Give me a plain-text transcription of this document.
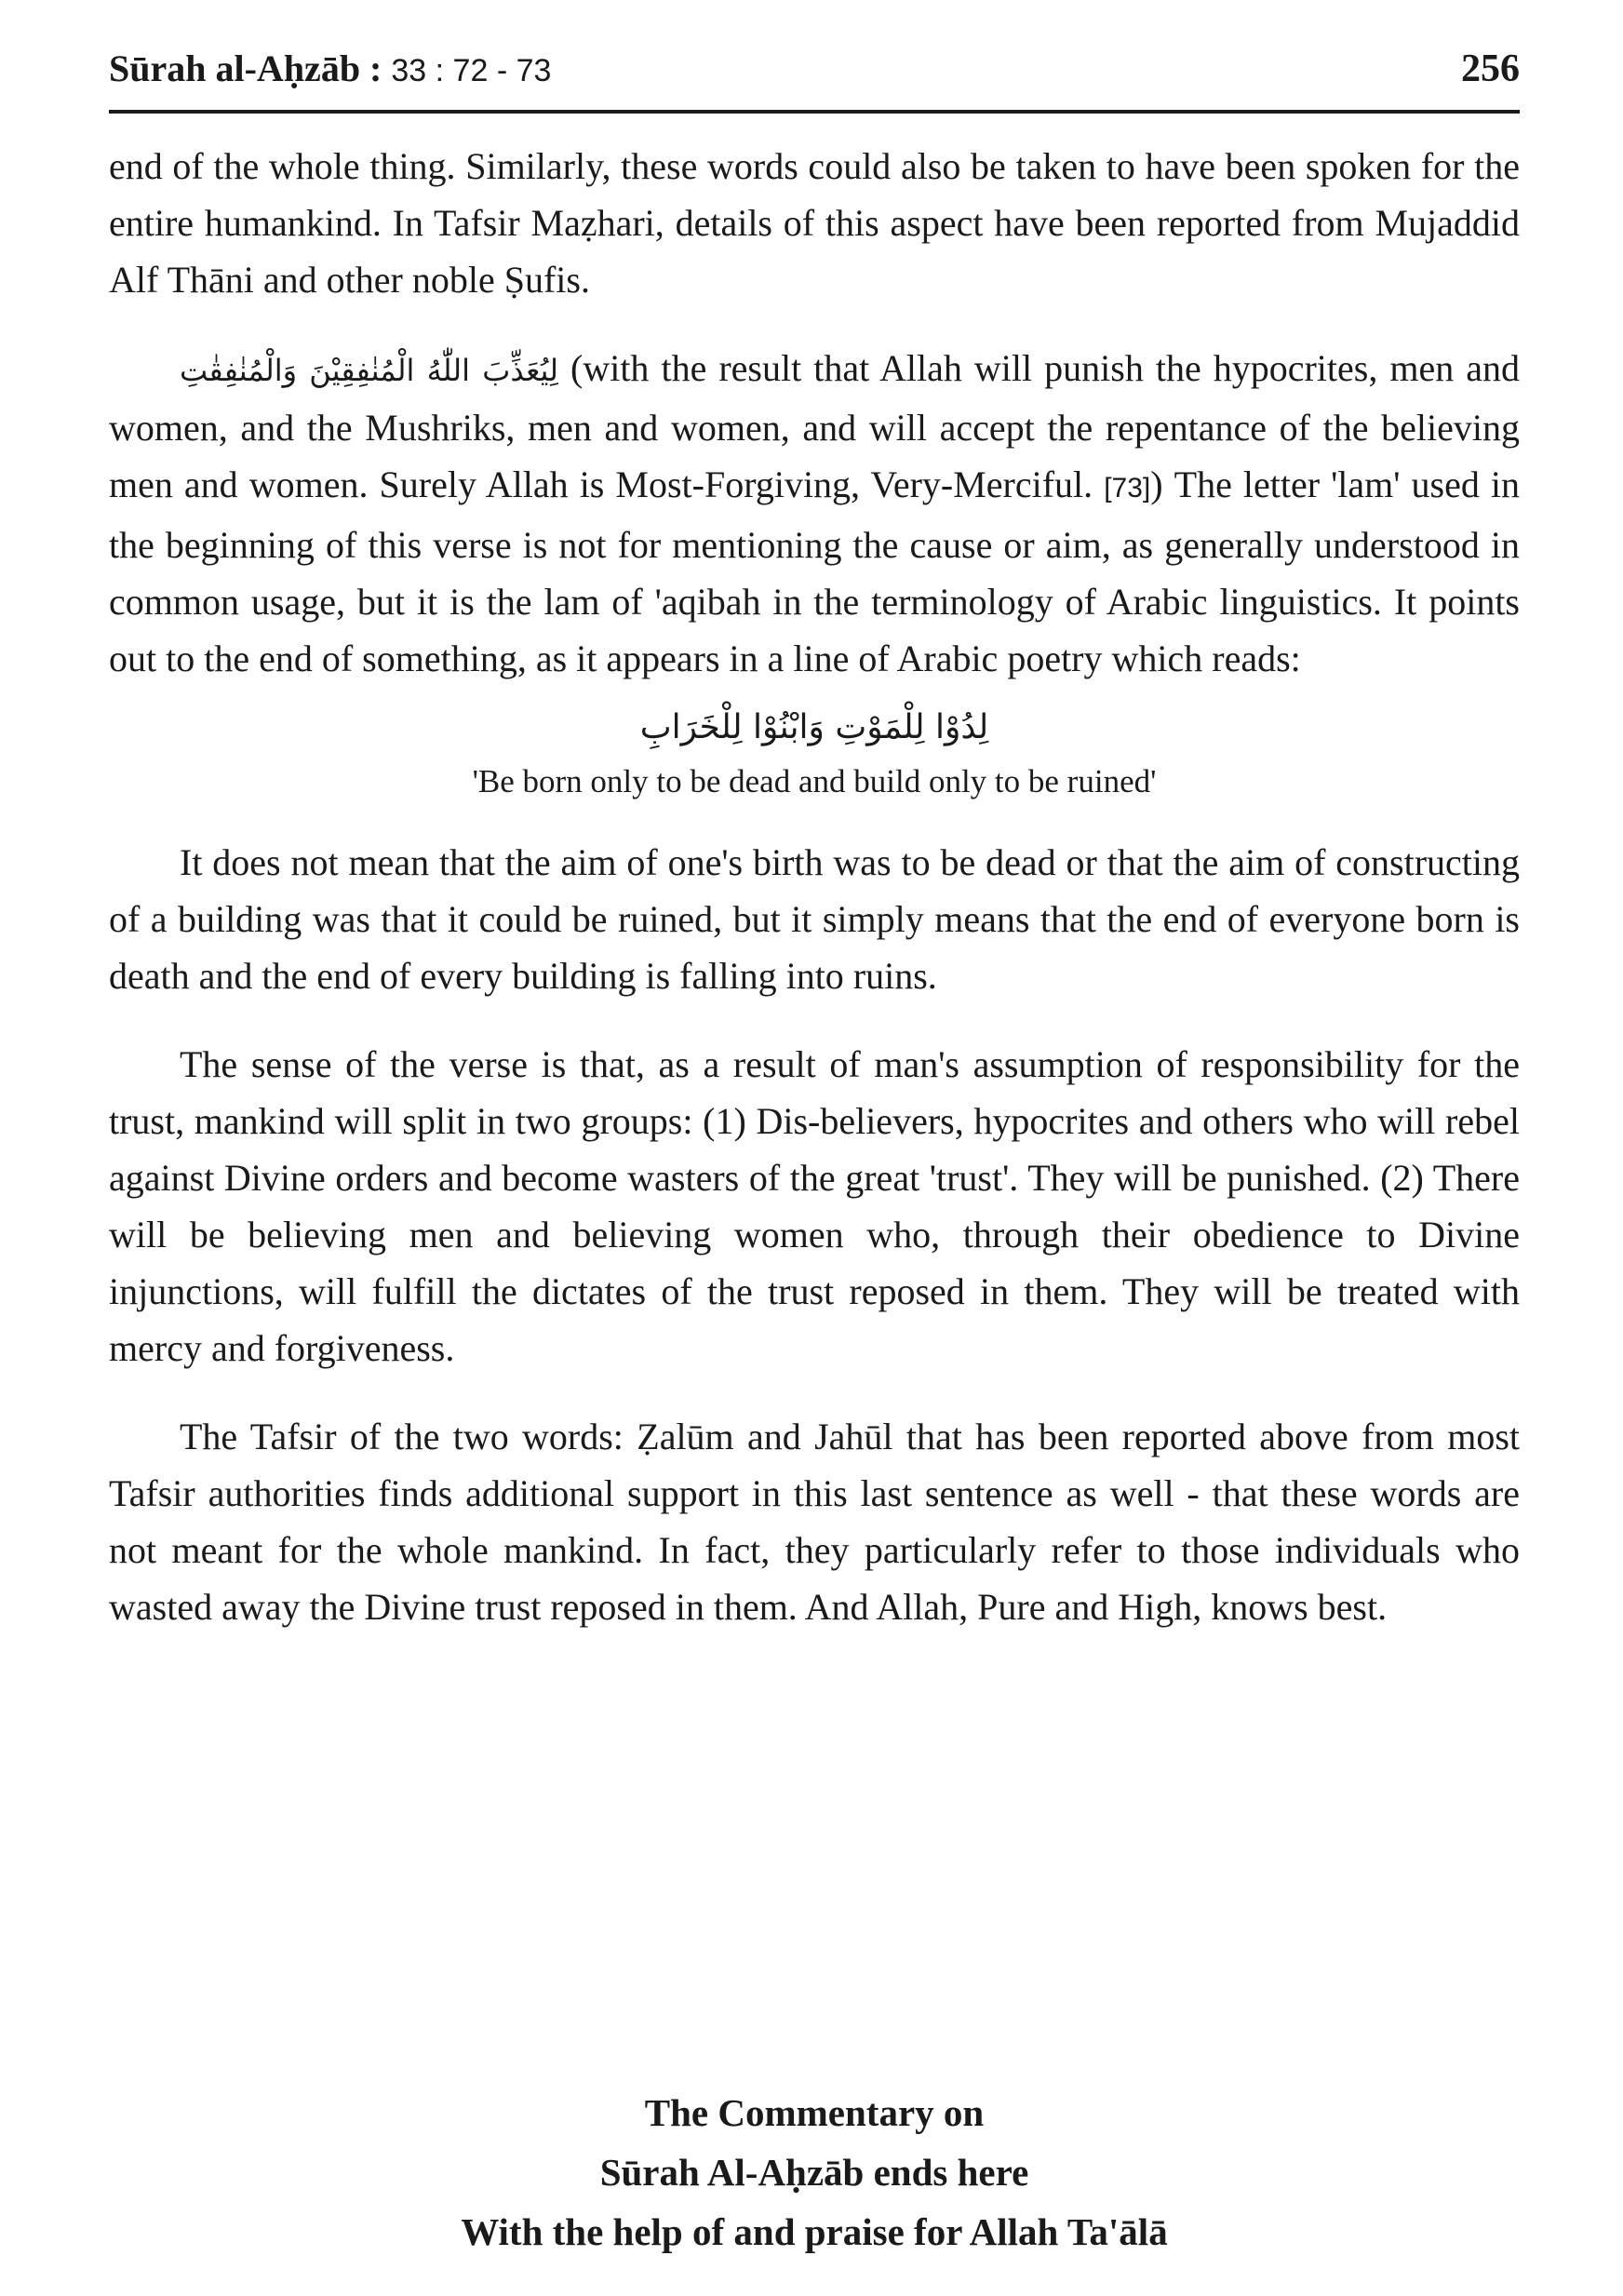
Sūrah al-Aḥzāb : 33 : 72 - 73	256

end of the whole thing. Similarly, these words could also be taken to have been spoken for the entire humankind. In Tafsir Maẓhari, details of this aspect have been reported from Mujaddid Alf Thāni and other noble Ṣufis.

لِيُعَذِّبَ اللّٰهُ الْمُنٰفِقِيْنَ وَالْمُنٰفِقٰتِ (with the result that Allah will punish the hypocrites, men and women, and the Mushriks, men and women, and will accept the repentance of the believing men and women. Surely Allah is Most-Forgiving, Very-Merciful. [73]) The letter 'lam' used in the beginning of this verse is not for mentioning the cause or aim, as generally understood in common usage, but it is the lam of 'aqibah in the terminology of Arabic linguistics. It points out to the end of something, as it appears in a line of Arabic poetry which reads:

لِدُوْا لِلْمَوْتِ وَابْنُوْا لِلْخَرَابِ
'Be born only to be dead and build only to be ruined'

It does not mean that the aim of one's birth was to be dead or that the aim of constructing of a building was that it could be ruined, but it simply means that the end of everyone born is death and the end of every building is falling into ruins.

The sense of the verse is that, as a result of man's assumption of responsibility for the trust, mankind will split in two groups: (1) Dis-believers, hypocrites and others who will rebel against Divine orders and become wasters of the great 'trust'. They will be punished. (2) There will be believing men and believing women who, through their obedience to Divine injunctions, will fulfill the dictates of the trust reposed in them. They will be treated with mercy and forgiveness.

The Tafsir of the two words: Ẓalūm and Jahūl that has been reported above from most Tafsir authorities finds additional support in this last sentence as well - that these words are not meant for the whole mankind. In fact, they particularly refer to those individuals who wasted away the Divine trust reposed in them. And Allah, Pure and High, knows best.

The Commentary on
Sūrah Al-Aḥzāb ends here
With the help of and praise for Allah Ta'ālā
